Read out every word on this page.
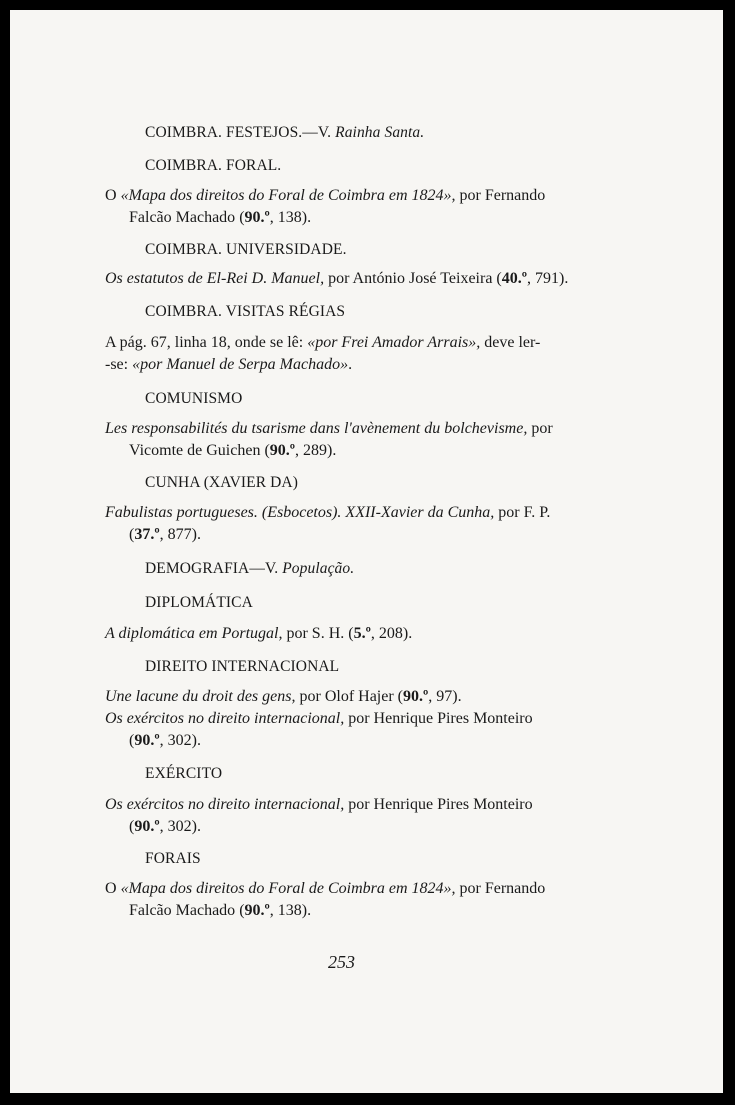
COIMBRA. FESTEJOS.—V. Rainha Santa.
COIMBRA. FORAL.
O «Mapa dos direitos do Foral de Coimbra em 1824», por Fernando

Falcão Machado (90.º, 138).
COIMBRA. UNIVERSIDADE.
Os estatutos de El-Rei D. Manuel, por António José Teixeira (40.º, 791).
COIMBRA. VISITAS RÉGIAS
A pág. 67, linha 18, onde se lê: «por Frei Amador Arrais», deve ler-
-se: «por Manuel de Serpa Machado».
COMUNISMO
Les responsabilités du tsarisme dans l'avènement du bolchevisme, por

Vicomte de Guichen (90.º, 289).
CUNHA (XAVIER DA)
Fabulistas portugueses. (Esbocetos). XXII-Xavier da Cunha, por F. P.

(37.º, 877).
DEMOGRAFIA—V. População.
DIPLOMÁTICA
A diplomática em Portugal, por S. H. (5.º, 208).
DIREITO INTERNACIONAL
Une lacune du droit des gens, por Olof Hajer (90.º, 97).
Os exércitos no direito internacional, por Henrique Pires Monteiro

(90.º, 302).
EXÉRCITO
Os exércitos no direito internacional, por Henrique Pires Monteiro

(90.º, 302).
FORAIS
O «Mapa dos direitos do Foral de Coimbra em 1824», por Fernando

Falcão Machado (90.º, 138).
253
